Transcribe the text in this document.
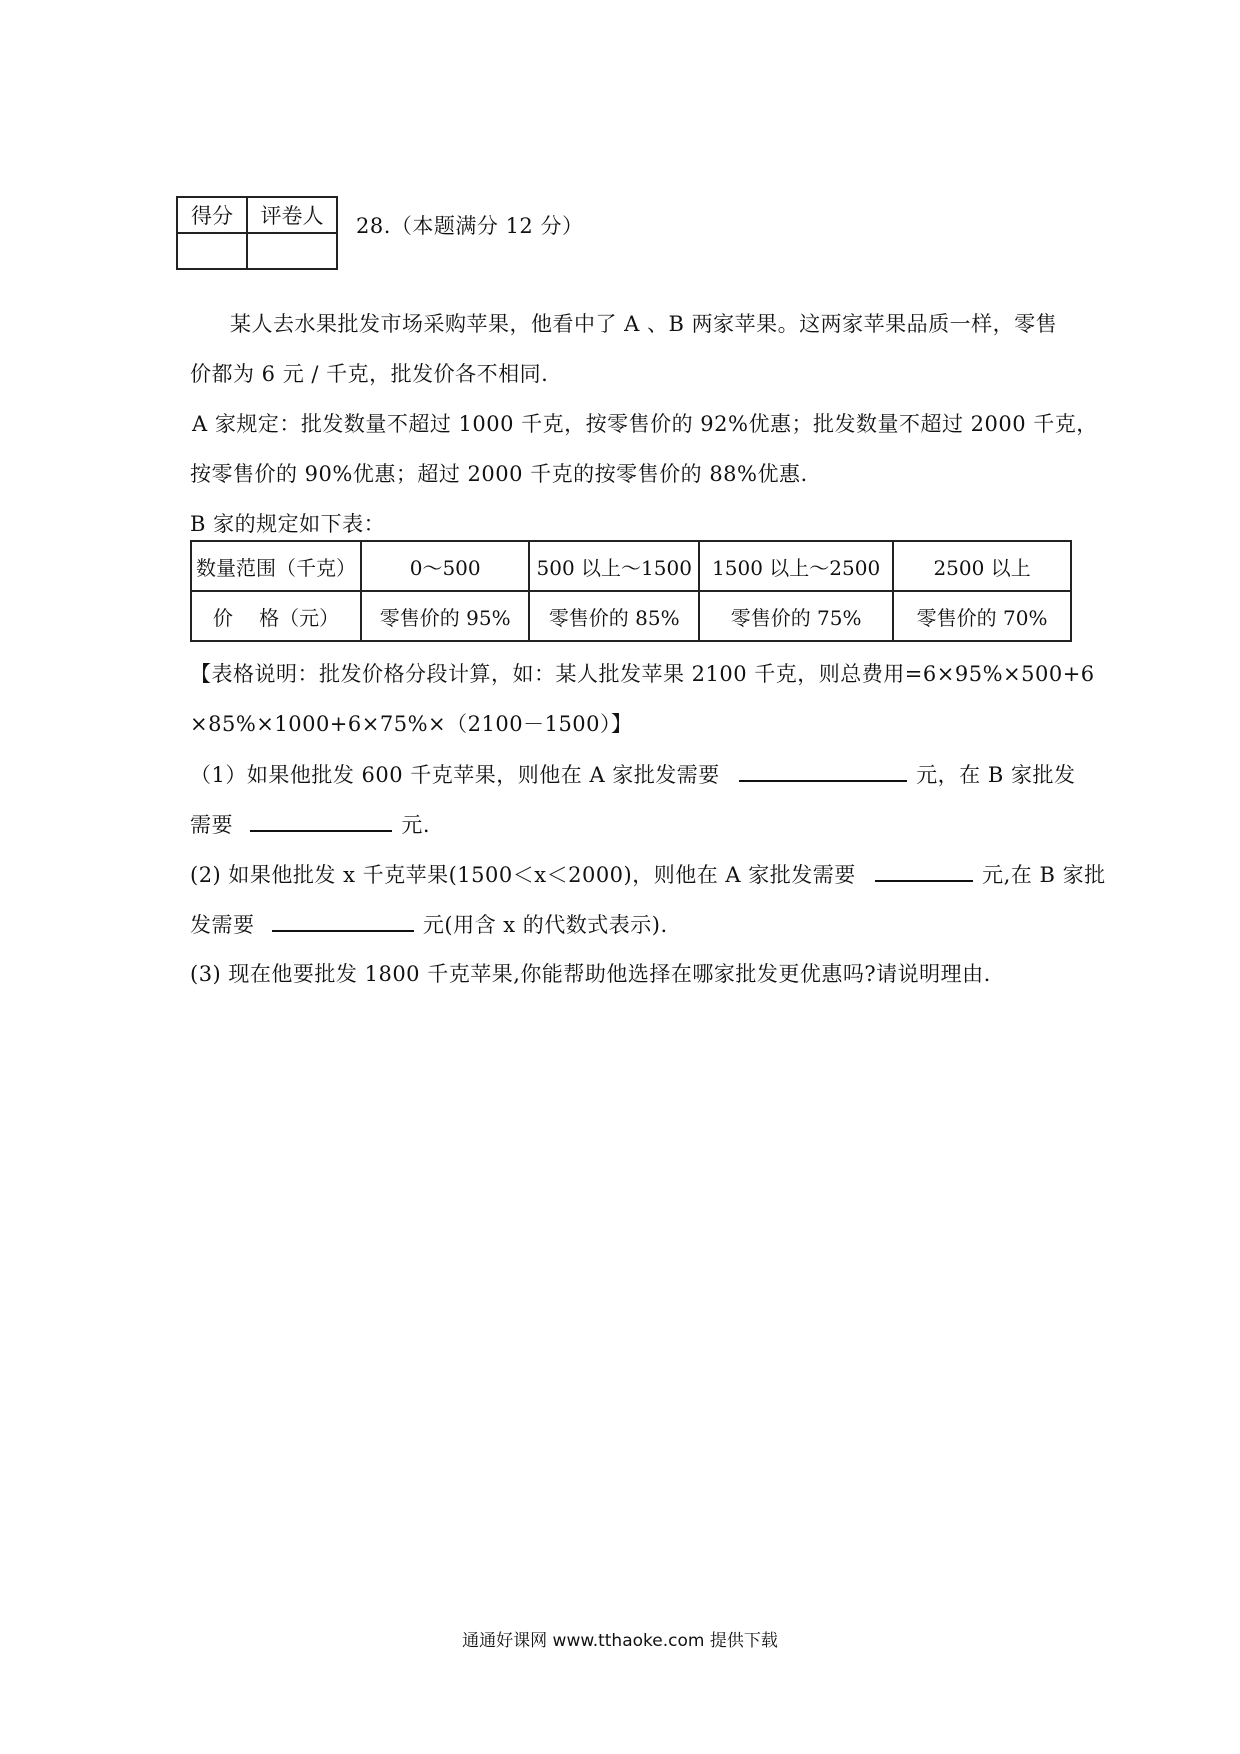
得分	评卷人
	28.（本题满分 12 分）
某人去水果批发市场采购苹果，他看中了 A 、B 两家苹果。这两家苹果品质一样，零售
价都为 6 元 / 千克，批发价各不相同.
A 家规定：批发数量不超过 1000 千克，按零售价的 92%优惠；批发数量不超过 2000 千克，
按零售价的 90%优惠；超过 2000 千克的按零售价的 88%优惠.
B 家的规定如下表：
数量范围（千克）	0～500	500 以上～1500	1500 以上～2500	2500 以上
价　 格（元）	零售价的 95%	零售价的 85%	零售价的 75%	零售价的 70%
【表格说明：批发价格分段计算，如：某人批发苹果 2100 千克，则总费用=6×95%×500+6
×85%×1000+6×75%×（2100－1500）】
（1）如果他批发 600 千克苹果，则他在 A 家批发需要	元，在 B 家批发
需要	元.
(2) 如果他批发 x 千克苹果(1500＜x＜2000)，则他在 A 家批发需要	元,在 B 家批
发需要	元(用含 x 的代数式表示).
(3) 现在他要批发 1800 千克苹果,你能帮助他选择在哪家批发更优惠吗?请说明理由.
通通好课网 www.tthaoke.com 提供下载
